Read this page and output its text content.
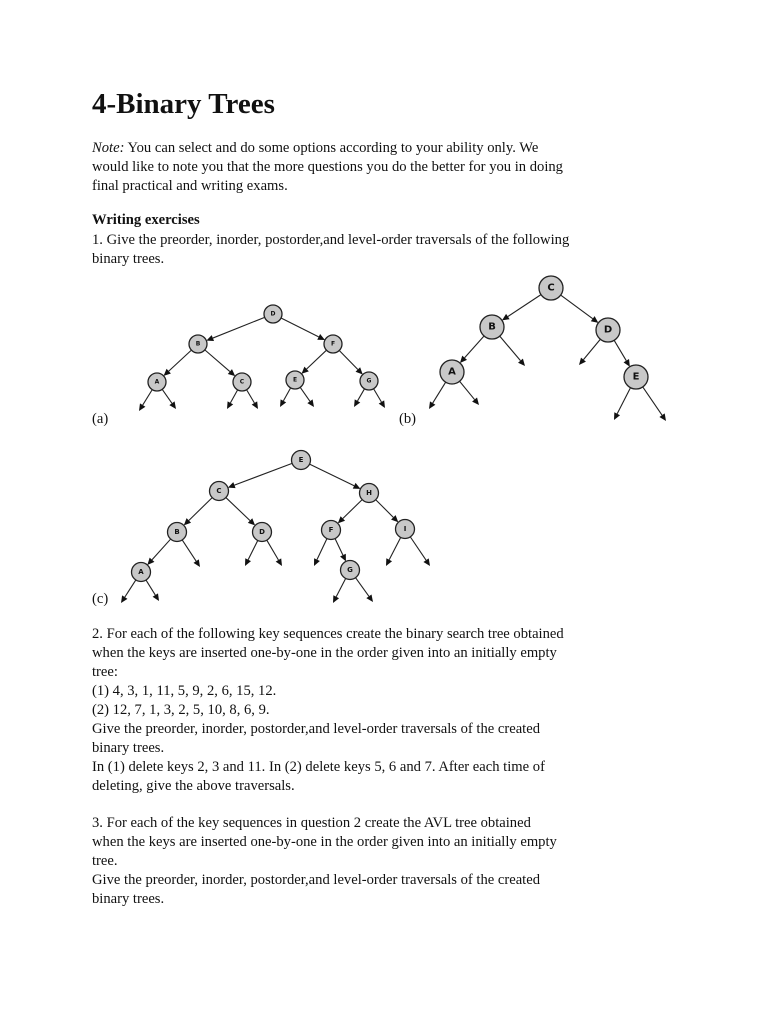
4-Binary Trees
Note: You can select and do some options according to your ability only. We
would like to note you that the more questions you do the better for you in doing
final practical and writing exams.
Writing exercises
1. Give the preorder, inorder, postorder,and level-order traversals of the following
binary trees.
(a)	(b)
(c)
D
B	F
A	C	E	G
C
B	D
A	E
E
C	H
B	D	F	I
A	G
2. For each of the following key sequences create the binary search tree obtained
when the keys are inserted one-by-one in the order given into an initially empty
tree:
(1) 4, 3, 1, 11, 5, 9, 2, 6, 15, 12.
(2) 12, 7, 1, 3, 2, 5, 10, 8, 6, 9.
Give the preorder, inorder, postorder,and level-order traversals of the created
binary trees.
In (1) delete keys 2, 3 and 11. In (2) delete keys 5, 6 and 7. After each time of
deleting, give the above traversals.
3. For each of the key sequences in question 2 create the AVL tree obtained
when the keys are inserted one-by-one in the order given into an initially empty
tree.
Give the preorder, inorder, postorder,and level-order traversals of the created
binary trees.
